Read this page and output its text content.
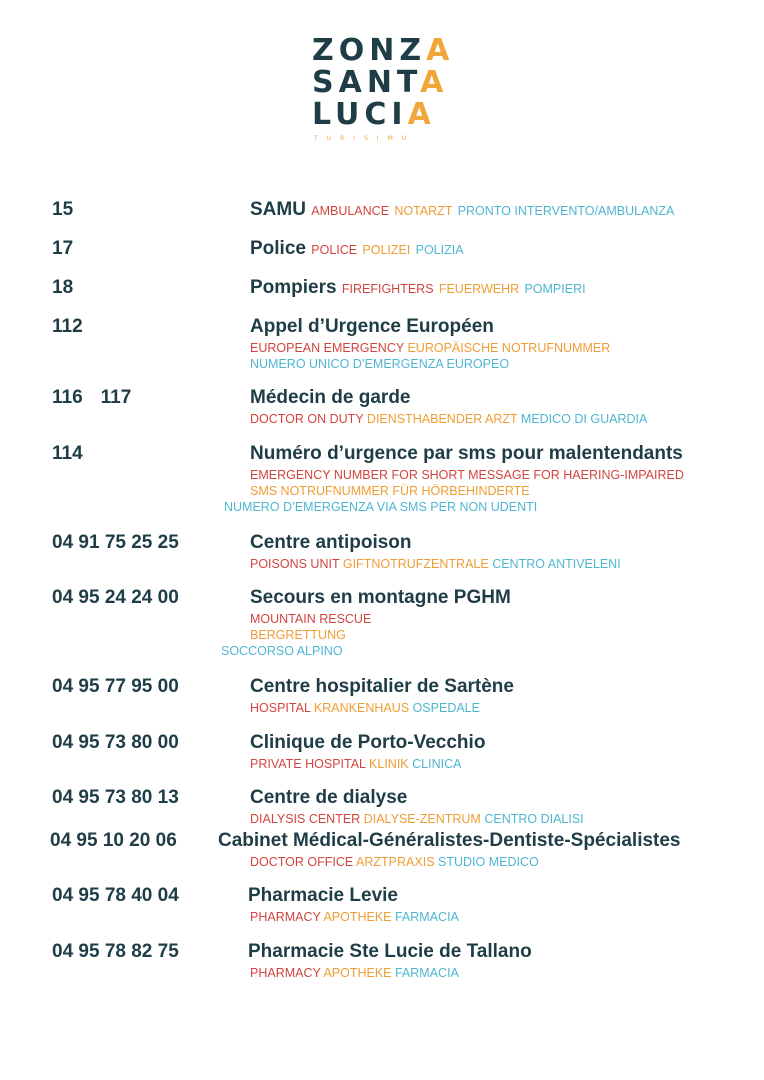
ZONZA
SANTA
LUCIA
TURISIMU
15	SAMU AMBULANCE NOTARZT PRONTO INTERVENTO/AMBULANZA
17	Police POLICE POLIZEI POLIZIA
18	Pompiers FIREFIGHTERS FEUERWEHR POMPIERI
112	Appel d’Urgence Européen
EUROPEAN EMERGENCY EUROPÄISCHE NOTRUFNUMMER
NUMERO UNICO D’EMERGENZA EUROPEO
116 117	Médecin de garde
DOCTOR ON DUTY DIENSTHABENDER ARZT MEDICO DI GUARDIA
114	Numéro d’urgence par sms pour malentendants
EMERGENCY NUMBER FOR SHORT MESSAGE FOR HAERING-IMPAIRED
SMS NOTRUFNUMMER FÜR HÖRBEHINDERTE
NUMERO D’EMERGENZA VIA SMS PER NON UDENTI
04 91 75 25 25	Centre antipoison
POISONS UNIT GIFTNOTRUFZENTRALE CENTRO ANTIVELENI
04 95 24 24 00	Secours en montagne PGHM
MOUNTAIN RESCUE
BERGRETTUNG
SOCCORSO ALPINO
04 95 77 95 00	Centre hospitalier de Sartène
HOSPITAL KRANKENHAUS OSPEDALE
04 95 73 80 00	Clinique de Porto-Vecchio
PRIVATE HOSPITAL KLINIK CLINICA
04 95 73 80 13	Centre de dialyse
DIALYSIS CENTER DIALYSE-ZENTRUM CENTRO DIALISI
04 95 10 20 06 Cabinet Médical-Généralistes-Dentiste-Spécialistes
DOCTOR OFFICE ARZTPRAXIS STUDIO MEDICO
04 95 78 40 04	Pharmacie Levie
PHARMACY APOTHEKE FARMACIA
04 95 78 82 75	Pharmacie Ste Lucie de Tallano
PHARMACY APOTHEKE FARMACIA
